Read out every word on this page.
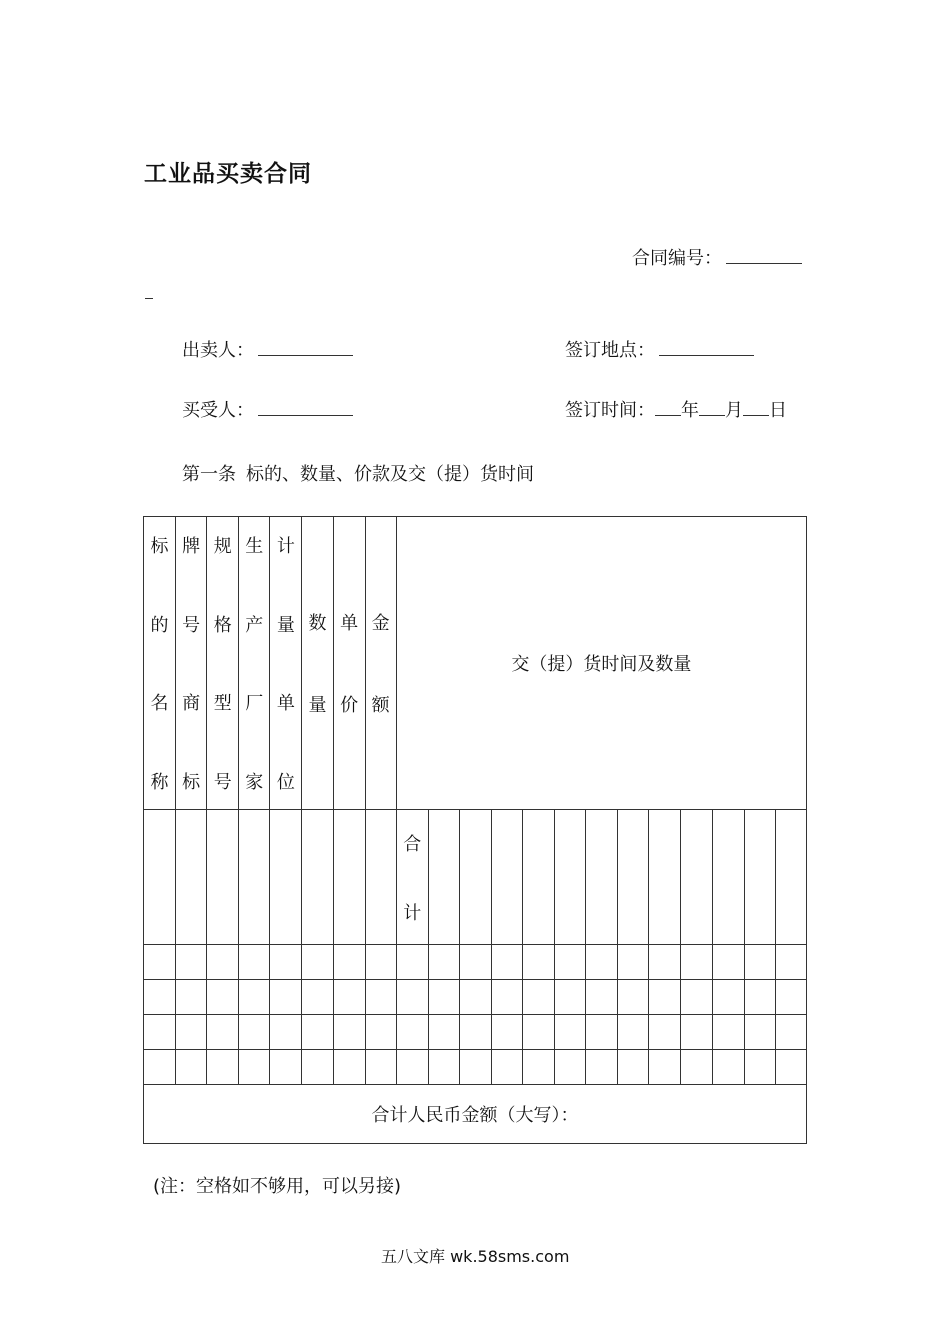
工业品买卖合同
合同编号：
出卖人：	签订地点：
买受人：	签订时间： 年 月 日
第一条 标的、数量、价款及交（提）货时间
标
的
名
称	牌
号
商
标	规
格
型
号	生
产
厂
家	计
量
单
位	数
量	单
价	金
额	交（提）货时间及数量												

								合
计												

合计人民币金额（大写）：																				
(注：空格如不够用，可以另接)
五八文库 wk.58sms.com
